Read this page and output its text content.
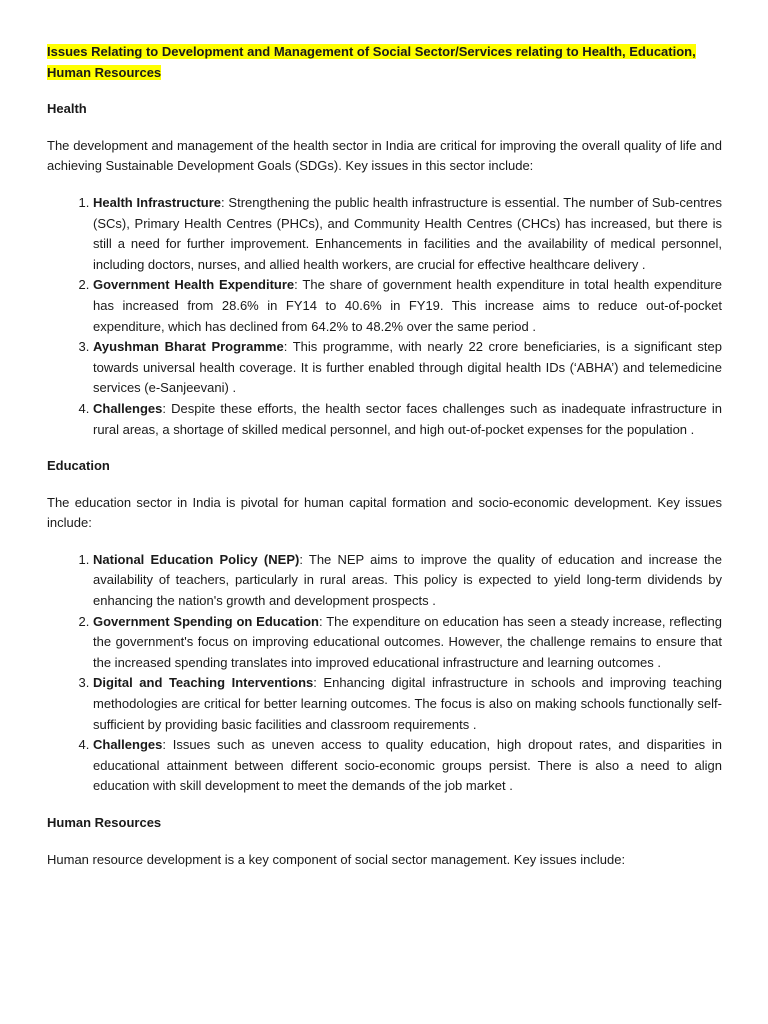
Issues Relating to Development and Management of Social Sector/Services relating to Health, Education, Human Resources

Health

The development and management of the health sector in India are critical for improving the overall quality of life and achieving Sustainable Development Goals (SDGs). Key issues in this sector include:

1. Health Infrastructure: Strengthening the public health infrastructure is essential. The number of Sub-centres (SCs), Primary Health Centres (PHCs), and Community Health Centres (CHCs) has increased, but there is still a need for further improvement. Enhancements in facilities and the availability of medical personnel, including doctors, nurses, and allied health workers, are crucial for effective healthcare delivery .
2. Government Health Expenditure: The share of government health expenditure in total health expenditure has increased from 28.6% in FY14 to 40.6% in FY19. This increase aims to reduce out-of-pocket expenditure, which has declined from 64.2% to 48.2% over the same period .
3. Ayushman Bharat Programme: This programme, with nearly 22 crore beneficiaries, is a significant step towards universal health coverage. It is further enabled through digital health IDs (‘ABHA’) and telemedicine services (e-Sanjeevani) .
4. Challenges: Despite these efforts, the health sector faces challenges such as inadequate infrastructure in rural areas, a shortage of skilled medical personnel, and high out-of-pocket expenses for the population .

Education

The education sector in India is pivotal for human capital formation and socio-economic development. Key issues include:

1. National Education Policy (NEP): The NEP aims to improve the quality of education and increase the availability of teachers, particularly in rural areas. This policy is expected to yield long-term dividends by enhancing the nation's growth and development prospects .
2. Government Spending on Education: The expenditure on education has seen a steady increase, reflecting the government's focus on improving educational outcomes. However, the challenge remains to ensure that the increased spending translates into improved educational infrastructure and learning outcomes .
3. Digital and Teaching Interventions: Enhancing digital infrastructure in schools and improving teaching methodologies are critical for better learning outcomes. The focus is also on making schools functionally self-sufficient by providing basic facilities and classroom requirements .
4. Challenges: Issues such as uneven access to quality education, high dropout rates, and disparities in educational attainment between different socio-economic groups persist. There is also a need to align education with skill development to meet the demands of the job market .

Human Resources

Human resource development is a key component of social sector management. Key issues include:
